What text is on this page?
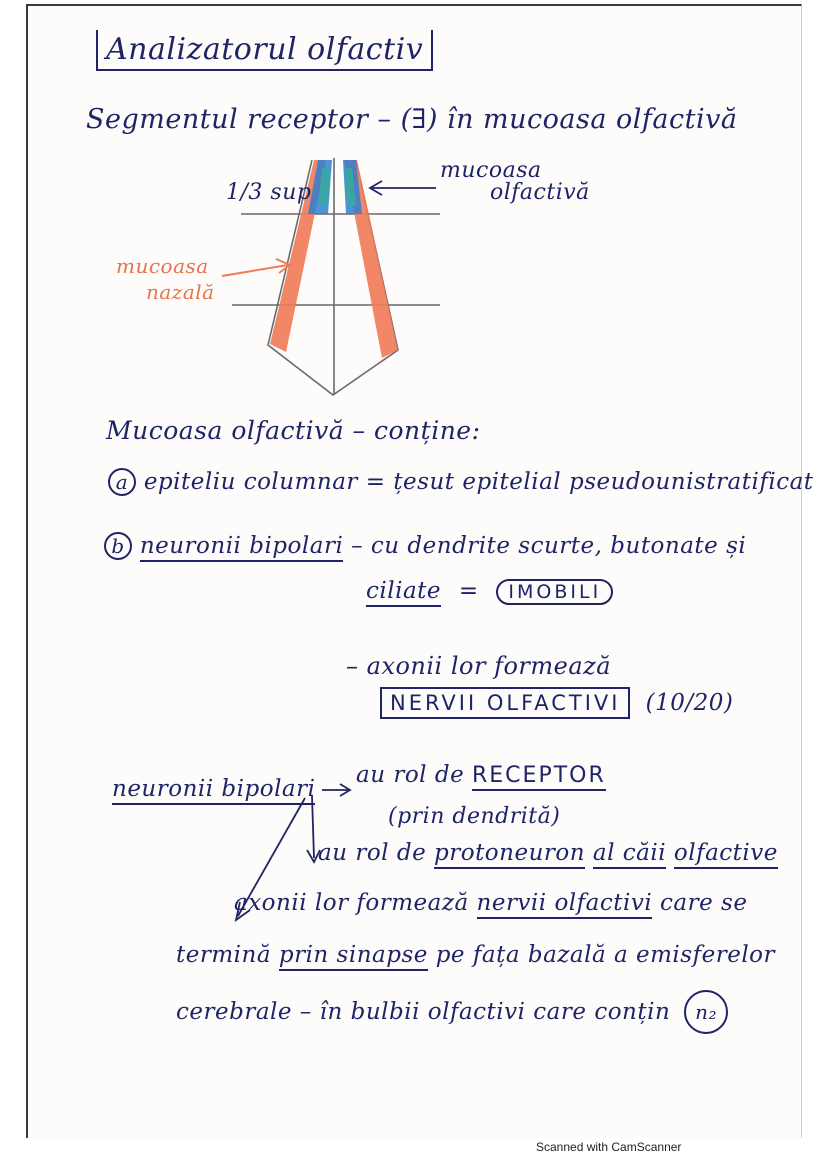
Analizatorul olfactiv

Segmentul receptor – (∃) în mucoasa olfactivă

1/3 sup

mucoasa

olfactivă

mucoasa

nazală

Mucoasa olfactivă – conține:

a epiteliu columnar = țesut epitelial pseudounistratificat
b neuronii bipolari – cu dendrite scurte, butonate și
ciliate = IMOBILI

– axonii lor formează

NERVII OLFACTIVI (10/20)

neuronii bipolari

au rol de RECEPTOR

(prin dendrită)

au rol de protoneuron al căii olfactive
axonii lor formează nervii olfactivi care se
termină prin sinapse pe fața bazală a emisferelor
cerebrale – în bulbii olfactivi care conțin n₂

Scanned with CamScanner
